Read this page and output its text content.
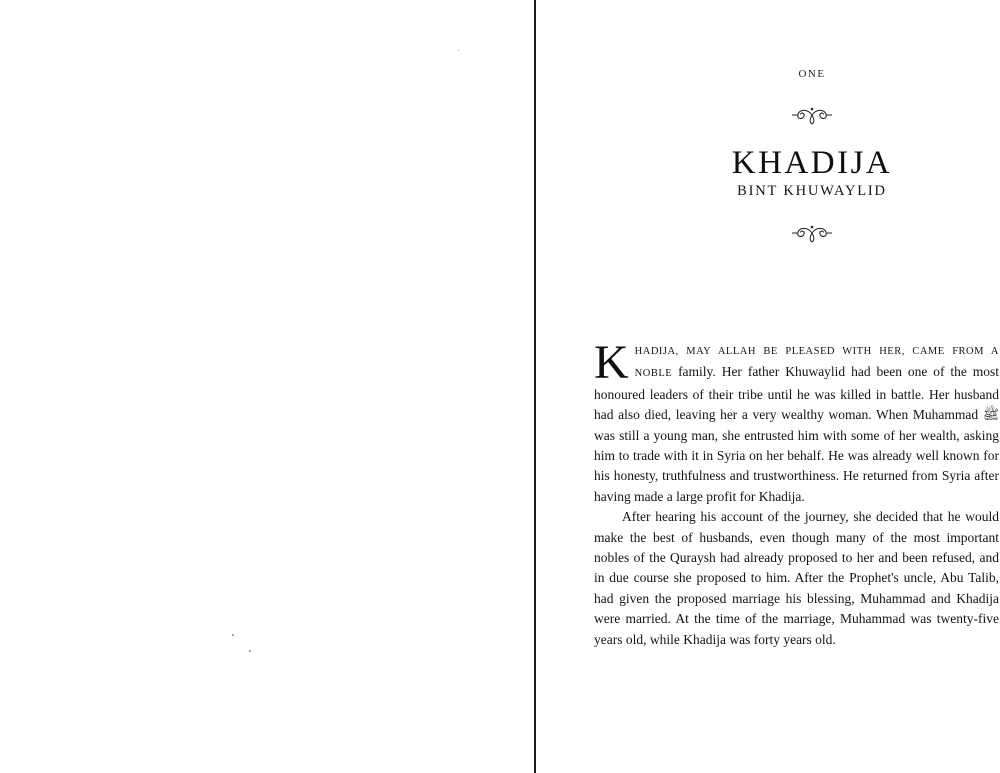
ONE
KHADIJA
BINT KHUWAYLID

KHADIJA, MAY ALLAH BE PLEASED WITH HER, CAME FROM A NOBLE family. Her father Khuwaylid had been one of the most honoured leaders of their tribe until he was killed in battle. Her husband had also died, leaving her a very wealthy woman. When Muhammad ﷺ was still a young man, she entrusted him with some of her wealth, asking him to trade with it in Syria on her behalf. He was already well known for his honesty, truthfulness and trustworthiness. He returned from Syria after having made a large profit for Khadija.

After hearing his account of the journey, she decided that he would make the best of husbands, even though many of the most important nobles of the Quraysh had already proposed to her and been refused, and in due course she proposed to him. After the Prophet's uncle, Abu Talib, had given the proposed marriage his blessing, Muhammad and Khadija were married. At the time of the marriage, Muhammad was twenty-five years old, while Khadija was forty years old.
